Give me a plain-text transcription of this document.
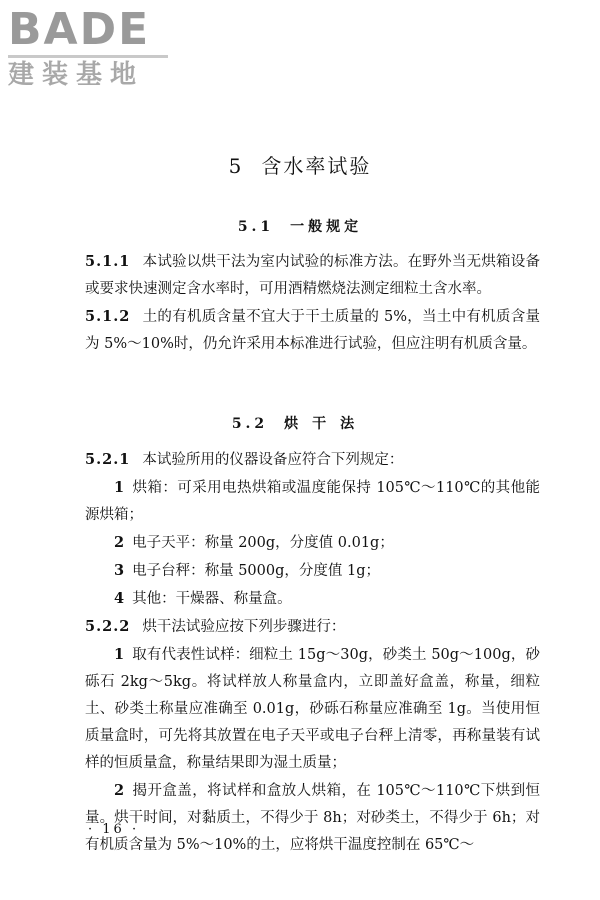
BADE
建装基地
5 含水率试验
5.1 一般规定

5.1.1 本试验以烘干法为室内试验的标准方法。在野外当无烘箱设备或要求快速测定含水率时，可用酒精燃烧法测定细粒土含水率。

5.1.2 土的有机质含量不宜大于干土质量的 5%，当土中有机质含量为 5%～10%时，仍允许采用本标准进行试验，但应注明有机质含量。

5.2 烘干法

5.2.1 本试验所用的仪器设备应符合下列规定：

1 烘箱：可采用电热烘箱或温度能保持 105℃～110℃的其他能源烘箱；

2 电子天平：称量 200g，分度值 0.01g；

3 电子台秤：称量 5000g，分度值 1g；

4 其他：干燥器、称量盒。

5.2.2 烘干法试验应按下列步骤进行：

1 取有代表性试样：细粒土 15g～30g，砂类土 50g～100g，砂砾石 2kg～5kg。将试样放人称量盒内，立即盖好盒盖，称量，细粒土、砂类土称量应准确至 0.01g，砂砾石称量应准确至 1g。当使用恒质量盒时，可先将其放置在电子天平或电子台秤上清零，再称量装有试样的恒质量盒，称量结果即为湿土质量；

2 揭开盒盖，将试样和盒放人烘箱，在 105℃～110℃下烘到恒量。烘干时间，对黏质土，不得少于 8h；对砂类土，不得少于 6h；对有机质含量为 5%～10%的土，应将烘干温度控制在 65℃～

· 16 ·
